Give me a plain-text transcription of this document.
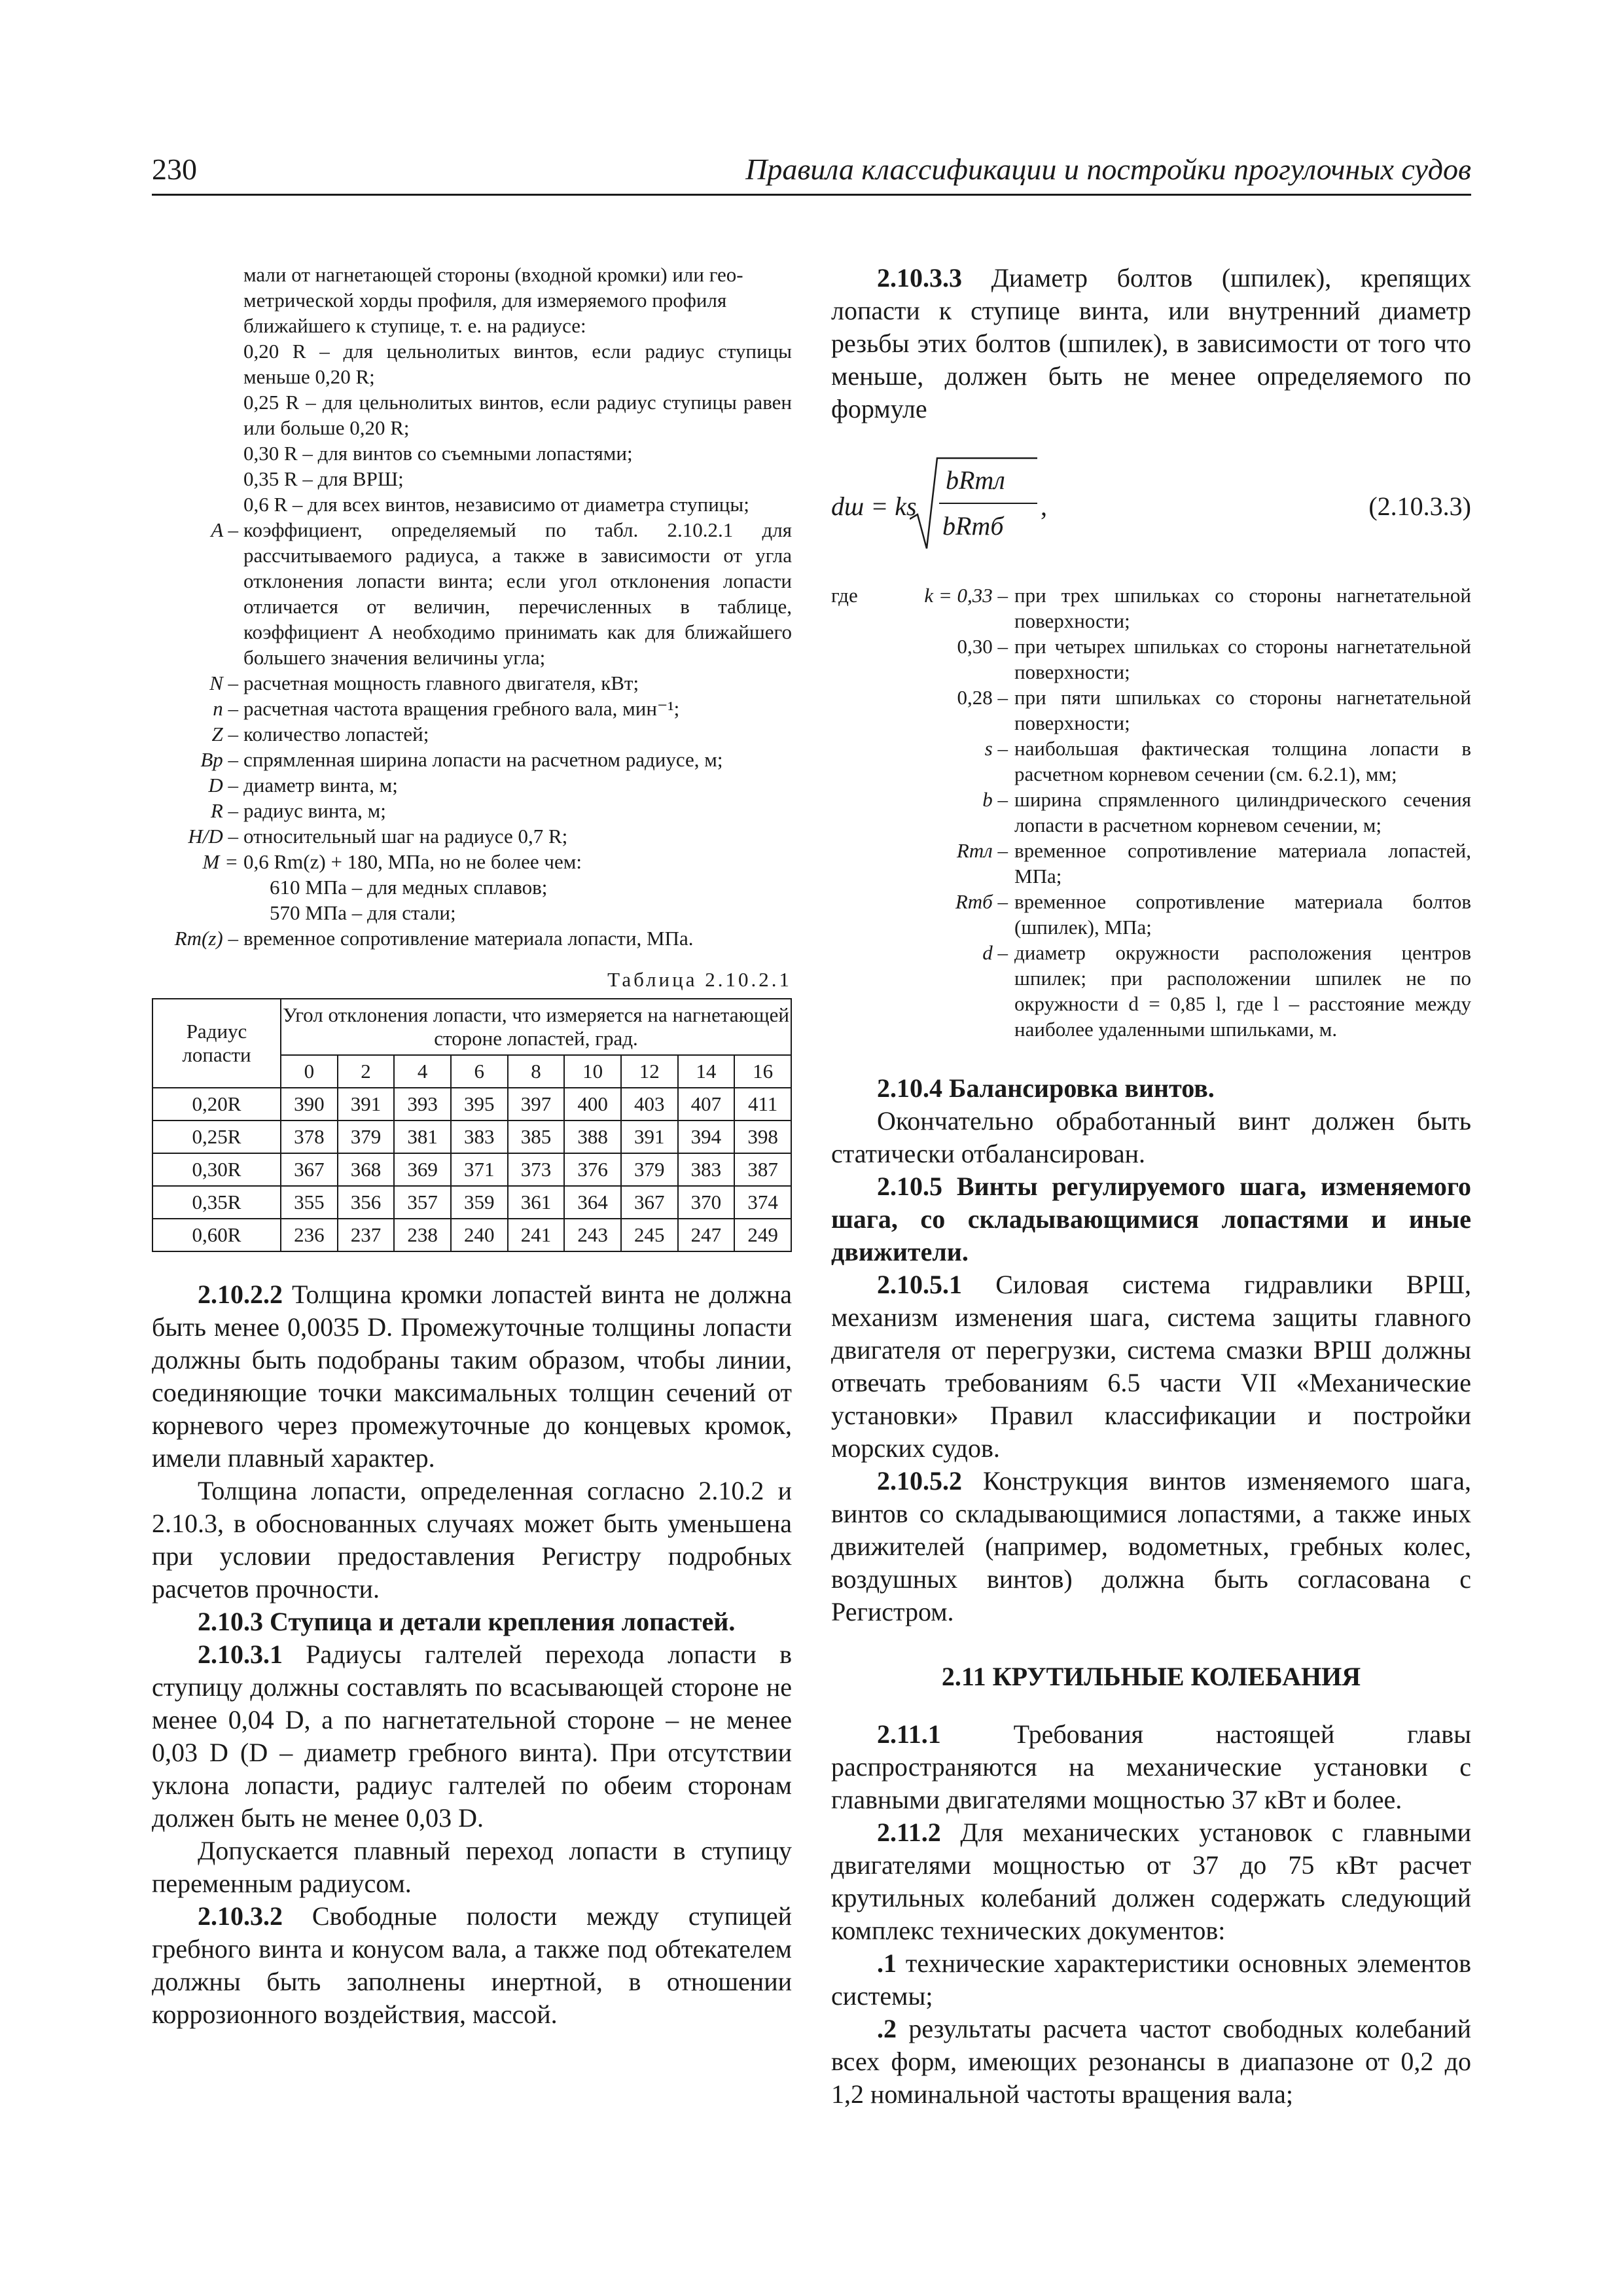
230	Правила классификации и постройки прогулочных судов

мали от нагнетающей стороны (входной кромки) или гео-

метрической хорды профиля, для измеряемого профиля

ближайшего к ступице, т. е. на радиусе:

0,20 R – для цельнолитых винтов, если радиус ступицы меньше 0,20 R;

0,25 R – для цельнолитых винтов, если радиус ступицы равен или больше 0,20 R;

0,30 R – для винтов со съемными лопастями;

0,35 R – для ВРШ;

0,6 R – для всех винтов, независимо от диаметра ступицы;

A – коэффициент, определяемый по табл. 2.10.2.1 для рассчитываемого радиуса, а также в зависимости от угла отклонения лопасти винта; если угол отклонения лопасти отличается от величин, перечисленных в таблице, коэффициент А необходимо принимать как для ближайшего большего значения величины угла;
N – расчетная мощность главного двигателя, кВт;
n – расчетная частота вращения гребного вала, мин⁻¹;
Z – количество лопастей;
Bр – спрямленная ширина лопасти на расчетном радиусе, м;
D – диаметр винта, м;
R – радиус винта, м;
H/D – относительный шаг на радиусе 0,7 R;
M = 0,6 Rm(z) + 180, МПа, но не более чем:

610 МПа – для медных сплавов;

570 МПа – для стали;

Rm(z) – временное сопротивление материала лопасти, МПа.
Таблица 2.10.2.1
Радиус лопасти	Угол отклонения лопасти, что измеряется на нагнетающей стороне лопастей, град.								
	0	2	4	6	8	10	12	14	16
0,20R	390	391	393	395	397	400	403	407	411
0,25R	378	379	381	383	385	388	391	394	398
0,30R	367	368	369	371	373	376	379	383	387
0,35R	355	356	357	359	361	364	367	370	374
0,60R	236	237	238	240	241	243	245	247	249

2.10.2.2 Толщина кромки лопастей винта не должна быть менее 0,0035 D. Промежуточные толщины лопасти должны быть подобраны таким образом, чтобы линии, соединяющие точки максимальных толщин сечений от корневого через промежуточные до концевых кромок, имели плавный характер.

Толщина лопасти, определенная согласно 2.10.2 и 2.10.3, в обоснованных случаях может быть уменьшена при условии предоставления Регистру подробных расчетов прочности.

2.10.3 Ступица и детали крепления лопастей.

2.10.3.1 Радиусы галтелей перехода лопасти в ступицу должны составлять по всасывающей стороне не менее 0,04 D, а по нагнетательной стороне – не менее 0,03 D (D – диаметр гребного винта). При отсутствии уклона лопасти, радиус галтелей по обеим сторонам должен быть не менее 0,03 D.

Допускается плавный переход лопасти в ступицу переменным радиусом.

2.10.3.2 Свободные полости между ступицей гребного винта и конусом вала, а также под обтекателем должны быть заполнены инертной, в отношении коррозионного воздействия, массой.

2.10.3.3 Диаметр болтов (шпилек), крепящих лопасти к ступице винта, или внутренний диаметр резьбы этих болтов (шпилек), в зависимости от того что меньше, должен быть не менее определяемого по формуле

dш = ks
bRmл
bRmб
,	(2.10.3.3)
где	k = 0,33 – при трех шпильках со стороны нагнетательной поверхности;
0,30 – при четырех шпильках со стороны нагнетательной поверхности;
0,28 – при пяти шпильках со стороны нагнетательной поверхности;
s – наибольшая фактическая толщина лопасти в расчетном корневом сечении (см. 6.2.1), мм;
b – ширина спрямленного цилиндрического сечения лопасти в расчетном корневом сечении, м;
Rmл – временное сопротивление материала лопастей, МПа;
Rmб – временное сопротивление материала болтов (шпилек), МПа;
d – диаметр окружности расположения центров шпилек; при расположении шпилек не по окружности d = 0,85 l, где l – расстояние между наиболее удаленными шпильками, м.

2.10.4 Балансировка винтов.

Окончательно обработанный винт должен быть статически отбалансирован.

2.10.5 Винты регулируемого шага, изменяемого шага, со складывающимися лопастями и иные движители.

2.10.5.1 Силовая система гидравлики ВРШ, механизм изменения шага, система защиты главного двигателя от перегрузки, система смазки ВРШ должны отвечать требованиям 6.5 части VII «Механические установки» Правил классификации и постройки морских судов.

2.10.5.2 Конструкция винтов изменяемого шага, винтов со складывающимися лопастями, а также иных движителей (например, водометных, гребных колес, воздушных винтов) должна быть согласована с Регистром.

2.11 КРУТИЛЬНЫЕ КОЛЕБАНИЯ

2.11.1	Требования настоящей главы распространяются на механические установки с главными двигателями мощностью 37 кВт и более.

2.11.2 Для механических установок с главными двигателями мощностью от 37 до 75 кВт расчет крутильных колебаний должен содержать следующий комплекс технических документов:

.1 технические характеристики основных элементов системы;

.2 результаты расчета частот свободных колебаний всех форм, имеющих резонансы в диапазоне от 0,2 до 1,2 номинальной частоты вращения вала;
